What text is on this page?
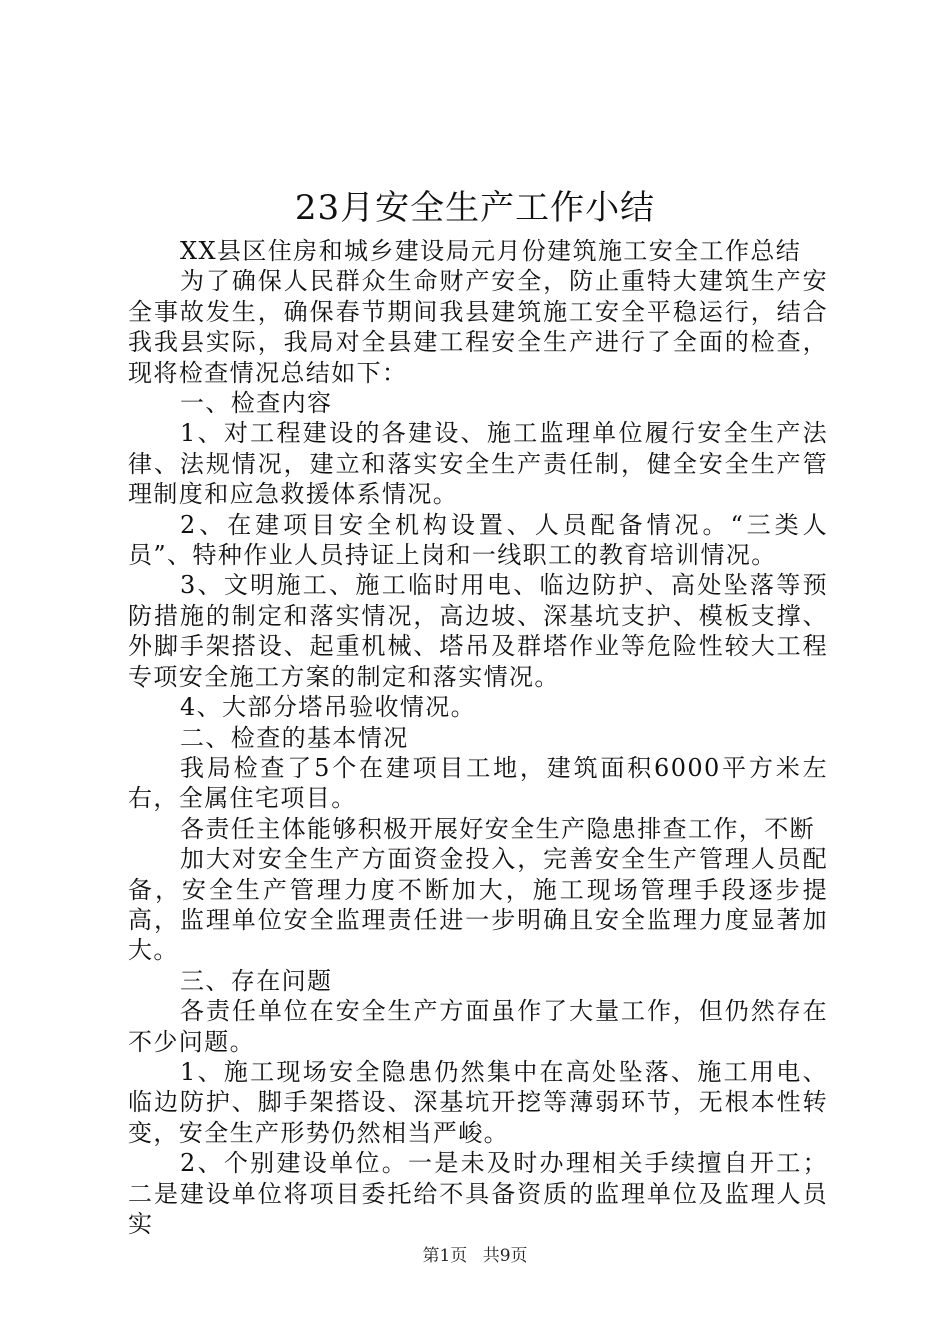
23月安全生产工作小结

XX县区住房和城乡建设局元月份建筑施工安全工作总结

为了确保人民群众生命财产安全，防止重特大建筑生产安全事故发生，确保春节期间我县建筑施工安全平稳运行，结合我我县实际，我局对全县建工程安全生产进行了全面的检查，现将检查情况总结如下：

一、检查内容

1、对工程建设的各建设、施工监理单位履行安全生产法律、法规情况，建立和落实安全生产责任制，健全安全生产管理制度和应急救援体系情况。

2、在建项目安全机构设置、人员配备情况。“三类人员”、特种作业人员持证上岗和一线职工的教育培训情况。

3、文明施工、施工临时用电、临边防护、高处坠落等预防措施的制定和落实情况，高边坡、深基坑支护、模板支撑、外脚手架搭设、起重机械、塔吊及群塔作业等危险性较大工程专项安全施工方案的制定和落实情况。

4、大部分塔吊验收情况。

二、检查的基本情况

我局检查了5个在建项目工地，建筑面积6000平方米左右，全属住宅项目。

各责任主体能够积极开展好安全生产隐患排查工作，不断

加大对安全生产方面资金投入，完善安全生产管理人员配备，安全生产管理力度不断加大，施工现场管理手段逐步提高，监理单位安全监理责任进一步明确且安全监理力度显著加大。

三、存在问题

各责任单位在安全生产方面虽作了大量工作，但仍然存在不少问题。

1、施工现场安全隐患仍然集中在高处坠落、施工用电、临边防护、脚手架搭设、深基坑开挖等薄弱环节，无根本性转变，安全生产形势仍然相当严峻。

2、个别建设单位。一是未及时办理相关手续擅自开工；二是建设单位将项目委托给不具备资质的监理单位及监理人员实

第1页 共9页
